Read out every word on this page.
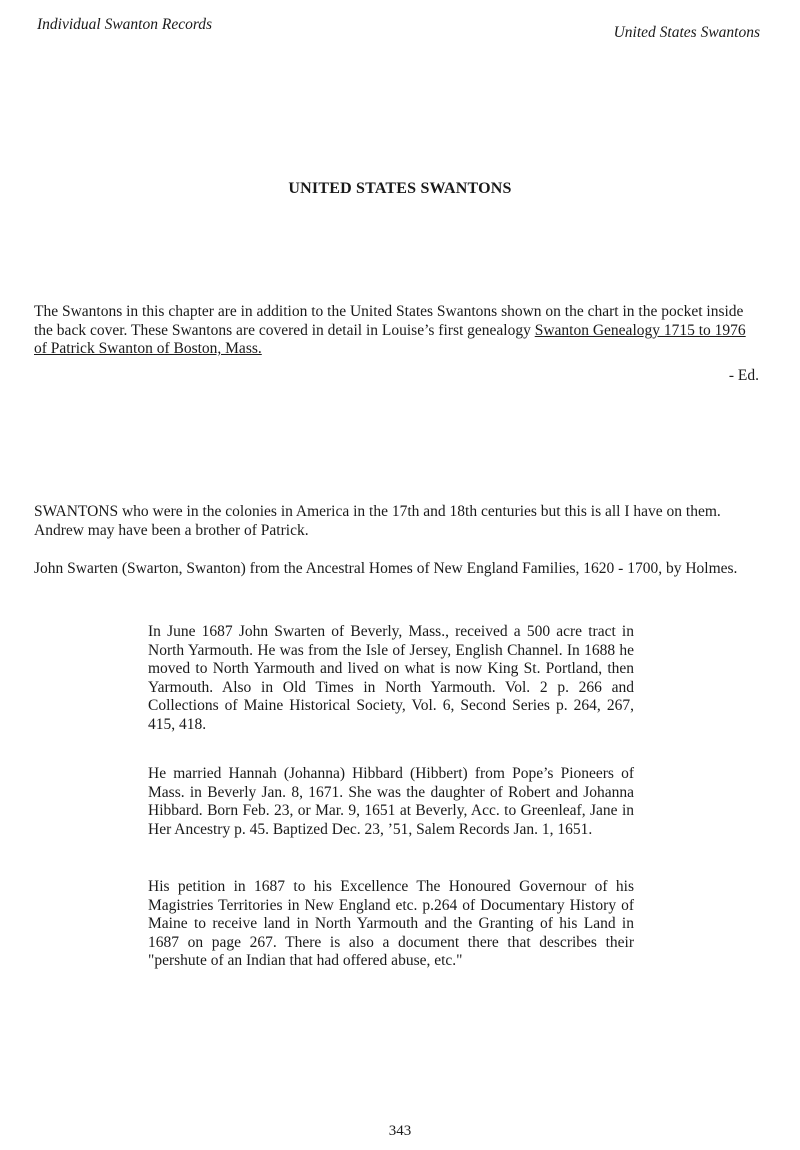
Individual Swanton Records	United States Swantons
UNITED STATES SWANTONS
The Swantons in this chapter are in addition to the United States Swantons shown on the chart in the pocket inside the back cover. These Swantons are covered in detail in Louise’s first genealogy Swanton Genealogy 1715 to 1976 of Patrick Swanton of Boston, Mass.
- Ed.
SWANTONS who were in the colonies in America in the 17th and 18th centuries but this is all I have on them. Andrew may have been a brother of Patrick.
John Swarten (Swarton, Swanton) from the Ancestral Homes of New England Families, 1620 - 1700, by Holmes.
In June 1687 John Swarten of Beverly, Mass., received a 500 acre tract in North Yarmouth. He was from the Isle of Jersey, English Channel. In 1688 he moved to North Yarmouth and lived on what is now King St. Portland, then Yarmouth. Also in Old Times in North Yarmouth. Vol. 2 p. 266 and Collections of Maine Historical Society, Vol. 6, Second Series p. 264, 267, 415, 418.
He married Hannah (Johanna) Hibbard (Hibbert) from Pope’s Pioneers of Mass. in Beverly Jan. 8, 1671. She was the daughter of Robert and Johanna Hibbard. Born Feb. 23, or Mar. 9, 1651 at Beverly, Acc. to Greenleaf, Jane in Her Ancestry p. 45. Baptized Dec. 23, ’51, Salem Records Jan. 1, 1651.
His petition in 1687 to his Excellence The Honoured Governour of his Magistries Territories in New England etc. p.264 of Documentary History of Maine to receive land in North Yarmouth and the Granting of his Land in 1687 on page 267. There is also a document there that describes their "pershute of an Indian that had offered abuse, etc."
343
